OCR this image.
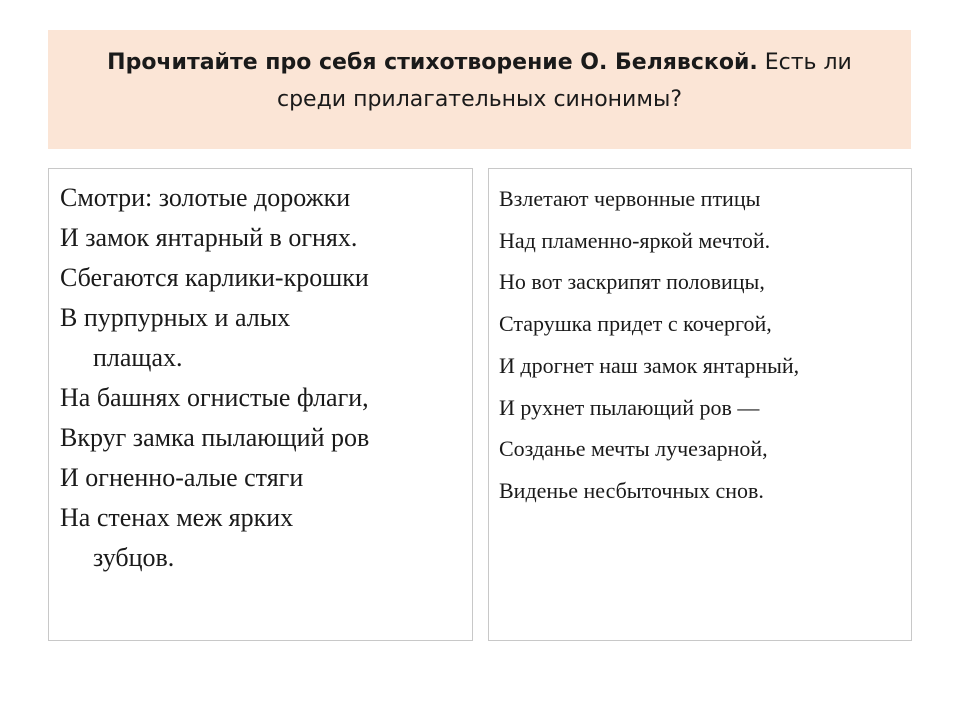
Прочитайте про себя стихотворение О. Белявской. Есть ли
среди прилагательных синонимы?
Смотри: золотые дорожки
И замок янтарный в огнях.
Сбегаются карлики-крошки
В пурпурных и алых
плащах.
На башнях огнистые флаги,
Вкруг замка пылающий ров
И огненно-алые стяги
На стенах меж ярких
зубцов.
Взлетают червонные птицы
Над пламенно-яркой мечтой.
Но вот заскрипят половицы,
Старушка придет с кочергой,
И дрогнет наш замок янтарный,
И рухнет пылающий ров —
Созданье мечты лучезарной,
Виденье несбыточных снов.
